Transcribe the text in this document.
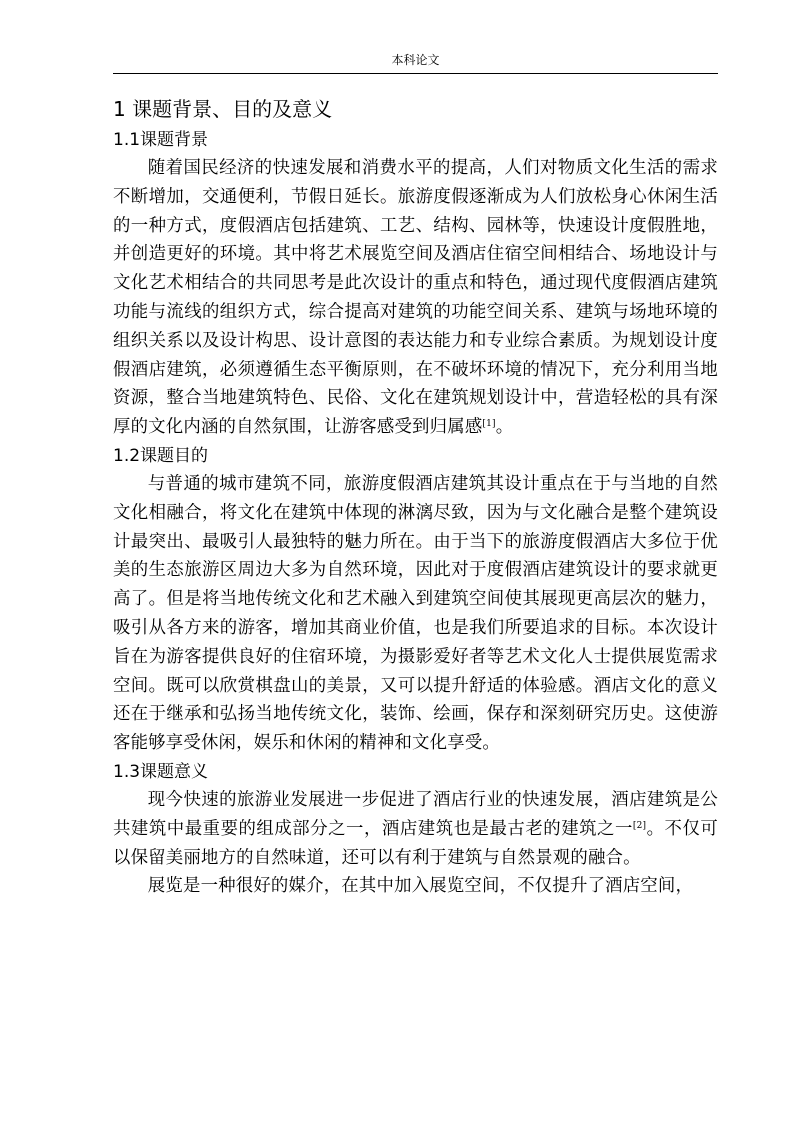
本科论文
1 课题背景、目的及意义
1.1课题背景

随着国民经济的快速发展和消费水平的提高，人们对物质文化生活的需求不断增加，交通便利，节假日延长。旅游度假逐渐成为人们放松身心休闲生活的一种方式，度假酒店包括建筑、工艺、结构、园林等，快速设计度假胜地，并创造更好的环境。其中将艺术展览空间及酒店住宿空间相结合、场地设计与文化艺术相结合的共同思考是此次设计的重点和特色，通过现代度假酒店建筑功能与流线的组织方式，综合提高对建筑的功能空间关系、建筑与场地环境的组织关系以及设计构思、设计意图的表达能力和专业综合素质。为规划设计度假酒店建筑，必须遵循生态平衡原则，在不破坏环境的情况下，充分利用当地资源，整合当地建筑特色、民俗、文化在建筑规划设计中，营造轻松的具有深厚的文化内涵的自然氛围，让游客感受到归属感[1]。

1.2课题目的

与普通的城市建筑不同，旅游度假酒店建筑其设计重点在于与当地的自然文化相融合，将文化在建筑中体现的淋漓尽致，因为与文化融合是整个建筑设计最突出、最吸引人最独特的魅力所在。由于当下的旅游度假酒店大多位于优美的生态旅游区周边大多为自然环境，因此对于度假酒店建筑设计的要求就更高了。但是将当地传统文化和艺术融入到建筑空间使其展现更高层次的魅力，吸引从各方来的游客，增加其商业价值，也是我们所要追求的目标。本次设计旨在为游客提供良好的住宿环境，为摄影爱好者等艺术文化人士提供展览需求空间。既可以欣赏棋盘山的美景，又可以提升舒适的体验感。酒店文化的意义还在于继承和弘扬当地传统文化，装饰、绘画，保存和深刻研究历史。这使游客能够享受休闲，娱乐和休闲的精神和文化享受。

1.3课题意义

现今快速的旅游业发展进一步促进了酒店行业的快速发展，酒店建筑是公共建筑中最重要的组成部分之一，酒店建筑也是最古老的建筑之一[2]。不仅可以保留美丽地方的自然味道，还可以有利于建筑与自然景观的融合。

展览是一种很好的媒介，在其中加入展览空间，不仅提升了酒店空间，
